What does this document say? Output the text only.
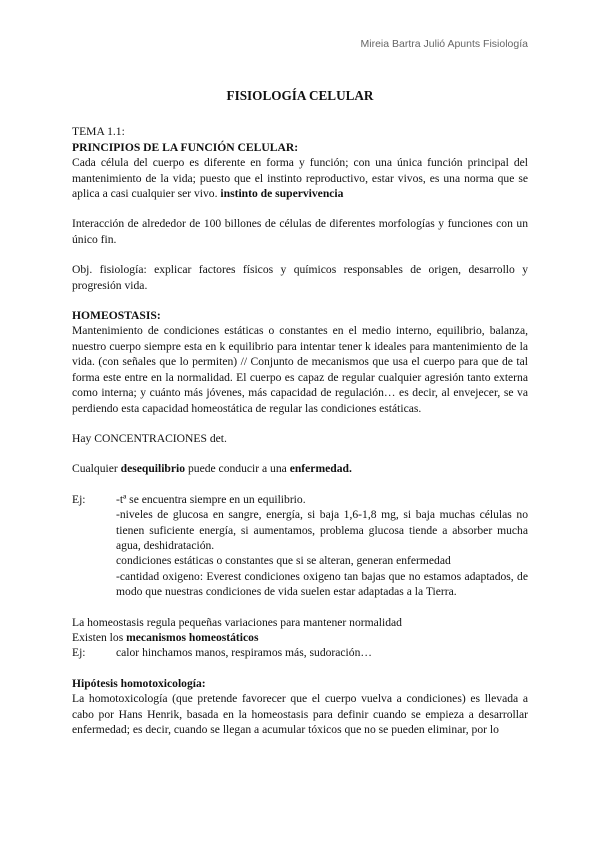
Mireia Bartra Julió Apunts Fisiología
FISIOLOGÍA CELULAR

TEMA 1.1:

PRINCIPIOS DE LA FUNCIÓN CELULAR:

Cada célula del cuerpo es diferente en forma y función; con una única función principal del mantenimiento de la vida; puesto que el instinto reproductivo, estar vivos, es una norma que se aplica a casi cualquier ser vivo. instinto de supervivencia

Interacción de alrededor de 100 billones de células de diferentes morfologías y funciones con un único fin.

Obj. fisiología: explicar factores físicos y químicos responsables de origen, desarrollo y progresión vida.

HOMEOSTASIS:

Mantenimiento de condiciones estáticas o constantes en el medio interno, equilibrio, balanza, nuestro cuerpo siempre esta en k equilibrio para intentar tener k ideales para mantenimiento de la vida. (con señales que lo permiten) // Conjunto de mecanismos que usa el cuerpo para que de tal forma este entre en la normalidad. El cuerpo es capaz de regular cualquier agresión tanto externa como interna; y cuánto más jóvenes, más capacidad de regulación… es decir, al envejecer, se va perdiendo esta capacidad homeostática de regular las condiciones estáticas.

Hay CONCENTRACIONES det.

Cualquier desequilibrio puede conducir a una enfermedad.

Ej:	-tª se encuentra siempre en un equilibrio.

-niveles de glucosa en sangre, energía, si baja 1,6-1,8 mg, si baja muchas células no tienen suficiente energía, si aumentamos, problema glucosa tiende a absorber mucha agua, deshidratación.

condiciones estáticas o constantes que si se alteran, generan enfermedad

-cantidad oxigeno: Everest condiciones oxigeno tan bajas que no estamos adaptados, de modo que nuestras condiciones de vida suelen estar adaptadas a la Tierra.

La homeostasis regula pequeñas variaciones para mantener normalidad

Existen los mecanismos homeostáticos

Ej:	calor hinchamos manos, respiramos más, sudoración…

Hipótesis homotoxicología:

La homotoxicología (que pretende favorecer que el cuerpo vuelva a condiciones) es llevada a cabo por Hans Henrik, basada en la homeostasis para definir cuando se empieza a desarrollar enfermedad; es decir, cuando se llegan a acumular tóxicos que no se pueden eliminar, por lo
